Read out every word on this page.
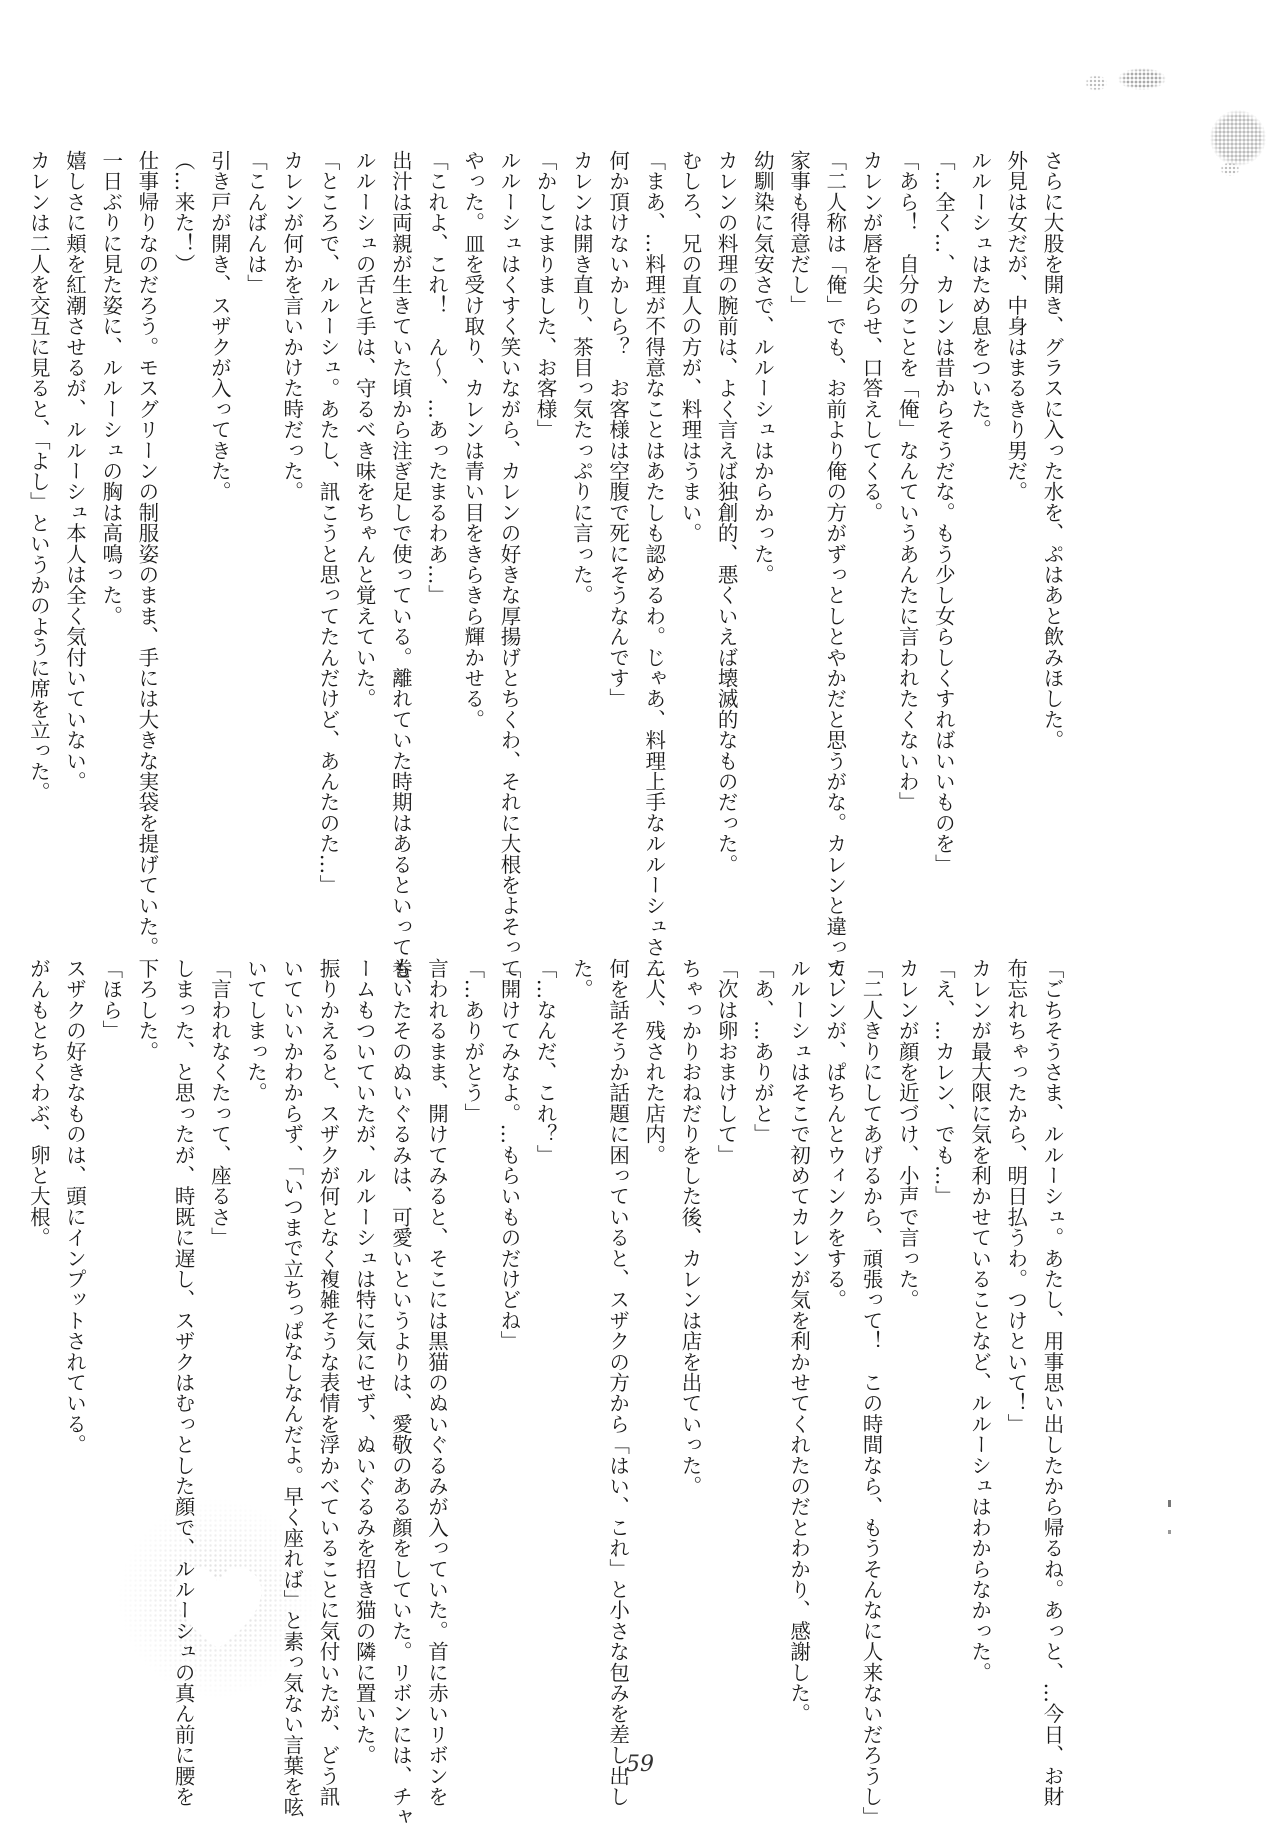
さらに大股を開き、グラスに入った水を、ぷはあと飲みほした。
外見は女だが、中身はまるきり男だ。
ルルーシュはため息をついた。
「…全く…、カレンは昔からそうだな。もう少し女らしくすればいいものを」
「あら！　自分のことを「俺」なんていうあんたに言われたくないわ」
カレンが唇を尖らせ、口答えしてくる。
「二人称は「俺」でも、お前より俺の方がずっとしとやかだと思うがな。カレンと違って、
家事も得意だし」
幼馴染に気安さで、ルルーシュはからかった。
カレンの料理の腕前は、よく言えば独創的、悪くいえば壊滅的なものだった。
むしろ、兄の直人の方が、料理はうまい。
「まあ、…料理が不得意なことはあたしも認めるわ。じゃあ、料理上手なルルーシュさん、
何か頂けないかしら？　お客様は空腹で死にそうなんです」
カレンは開き直り、茶目っ気たっぷりに言った。
「かしこまりました、お客様」
ルルーシュはくすく笑いながら、カレンの好きな厚揚げとちくわ、それに大根をよそって
やった。皿を受け取り、カレンは青い目をきらきら輝かせる。
「これよ、これ！　ん〜、…あったまるわあ…」
出汁は両親が生きていた頃から注ぎ足しで使っている。離れていた時期はあるといっても、
ルルーシュの舌と手は、守るべき味をちゃんと覚えていた。
「ところで、ルルーシュ。あたし、訊こうと思ってたんだけど、あんたのた…」
カレンが何かを言いかけた時だった。
「こんばんは」
引き戸が開き、スザクが入ってきた。
（…来た！）
仕事帰りなのだろう。モスグリーンの制服姿のまま、手には大きな実袋を提げていた。
一日ぶりに見た姿に、ルルーシュの胸は高鳴った。
嬉しさに頬を紅潮させるが、ルルーシュ本人は全く気付いていない。
カレンは二人を交互に見ると、「よし」というかのように席を立った。
「ごちそうさま、ルルーシュ。あたし、用事思い出したから帰るね。あっと、…今日、お財
布忘れちゃったから、明日払うわ。つけといて！」
カレンが最大限に気を利かせていることなど、ルルーシュはわからなかった。
「え、…カレン、でも…」
カレンが顔を近づけ、小声で言った。
「二人きりにしてあげるから、頑張って！　この時間なら、もうそんなに人来ないだろうし」
カレンが、ぱちんとウィンクをする。
ルルーシュはそこで初めてカレンが気を利かせてくれたのだとわかり、感謝した。
「あ、…ありがと」
「次は卵おまけして」
ちゃっかりおねだりをした後、カレンは店を出ていった。
二人、残された店内。
何を話そうか話題に困っていると、スザクの方から「はい、これ」と小さな包みを差し出し
た。
「…なんだ、これ？」
「開けてみなよ。…もらいものだけどね」
「…ありがとう」
言われるまま、開けてみると、そこには黒猫のぬいぐるみが入っていた。首に赤いリボンを
巻いたそのぬいぐるみは、可愛いというよりは、愛敬のある顔をしていた。リボンには、チャ
ームもついていたが、ルルーシュは特に気にせず、ぬいぐるみを招き猫の隣に置いた。
振りかえると、スザクが何となく複雑そうな表情を浮かべていることに気付いたが、どう訊
いていいかわからず、「いつまで立ちっぱなしなんだよ。早く座れば」と素っ気ない言葉を呟
いてしまった。
「言われなくたって、座るさ」
しまった、と思ったが、時既に遅し、スザクはむっとした顔で、ルルーシュの真ん前に腰を
下ろした。
「ほら」
スザクの好きなものは、頭にインプットされている。
がんもとちくわぶ、卵と大根。
59
